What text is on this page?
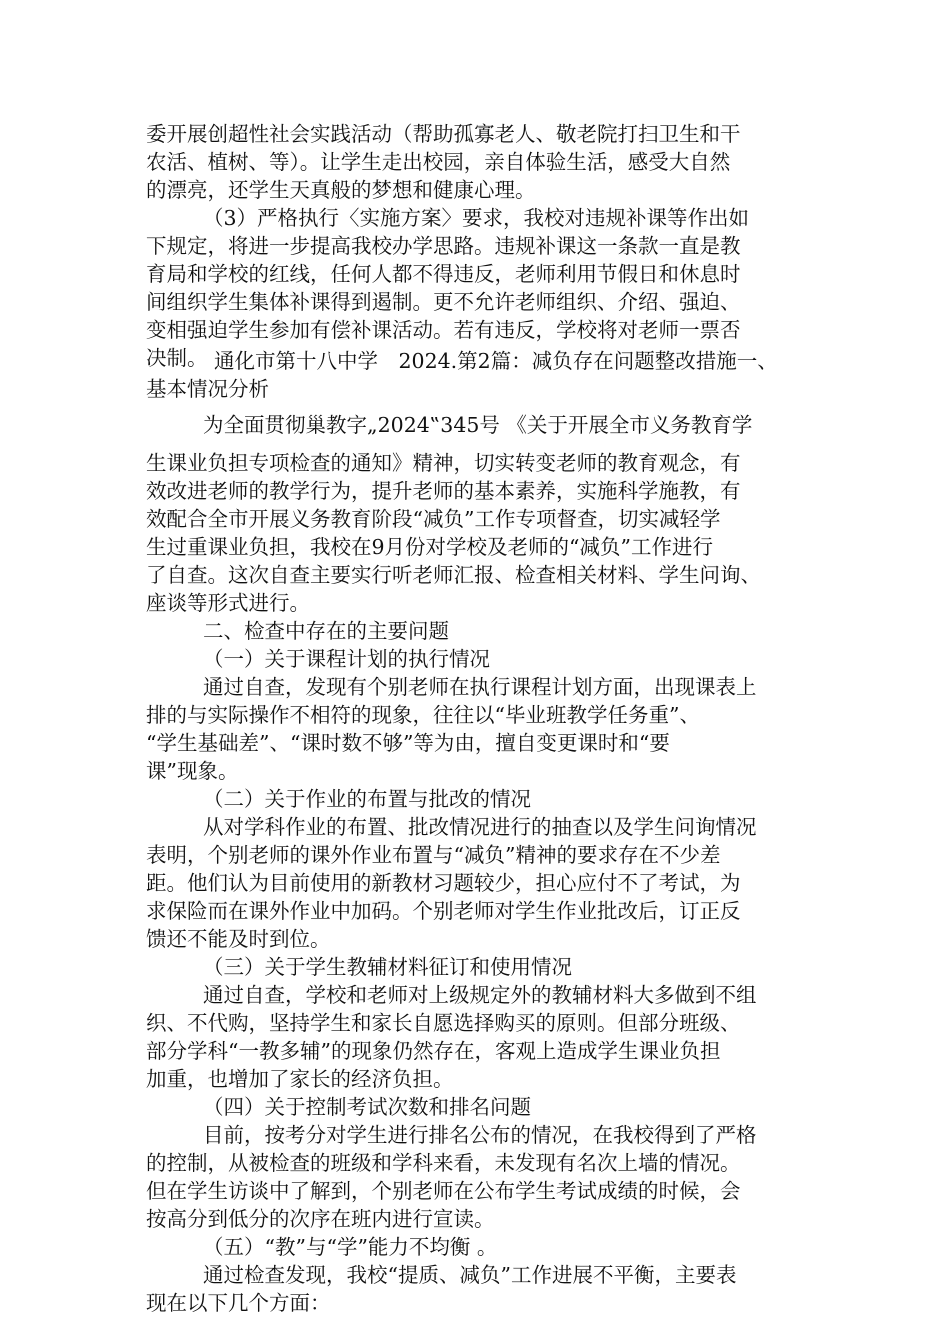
委开展创超性社会实践活动（帮助孤寡老人、敬老院打扫卫生和干
农活、植树、等）。让学生走出校园，亲自体验生活，感受大自然
的漂亮，还学生天真般的梦想和健康心理。
（3）严格执行〈实施方案〉要求，我校对违规补课等作出如
下规定，将进一步提高我校办学思路。违规补课这一条款一直是教
育局和学校的红线，任何人都不得违反，老师利用节假日和休息时
间组织学生集体补课得到遏制。更不允许老师组织、介绍、强迫、
变相强迫学生参加有偿补课活动。若有违反，学校将对老师一票否
决制。 通化市第十八中学　2024.第2篇：减负存在问题整改措施一、
基本情况分析
为全面贯彻巢教字„2024‟345号 《关于开展全市义务教育学
生课业负担专项检查的通知》精神，切实转变老师的教育观念，有
效改进老师的教学行为，提升老师的基本素养，实施科学施教，有
效配合全市开展义务教育阶段“减负”工作专项督查，切实减轻学
生过重课业负担，我校在9月份对学校及老师的“减负”工作进行
了自查。这次自查主要实行听老师汇报、检查相关材料、学生问询、
座谈等形式进行。
二、检查中存在的主要问题
（一）关于课程计划的执行情况
通过自查，发现有个别老师在执行课程计划方面，出现课表上
排的与实际操作不相符的现象，往往以“毕业班教学任务重”、
“学生基础差”、“课时数不够”等为由，擅自变更课时和“要
课”现象。
（二）关于作业的布置与批改的情况
从对学科作业的布置、批改情况进行的抽查以及学生问询情况
表明，个别老师的课外作业布置与“减负”精神的要求存在不少差
距。他们认为目前使用的新教材习题较少，担心应付不了考试，为
求保险而在课外作业中加码。个别老师对学生作业批改后，订正反
馈还不能及时到位。
（三）关于学生教辅材料征订和使用情况
通过自查，学校和老师对上级规定外的教辅材料大多做到不组
织、不代购，坚持学生和家长自愿选择购买的原则。但部分班级、
部分学科“一教多辅”的现象仍然存在，客观上造成学生课业负担
加重，也增加了家长的经济负担。
（四）关于控制考试次数和排名问题
目前，按考分对学生进行排名公布的情况，在我校得到了严格
的控制，从被检查的班级和学科来看，未发现有名次上墙的情况。
但在学生访谈中了解到，个别老师在公布学生考试成绩的时候，会
按高分到低分的次序在班内进行宣读。
（五）“教”与“学”能力不均衡 。
通过检查发现，我校“提质、减负”工作进展不平衡，主要表
现在以下几个方面：
